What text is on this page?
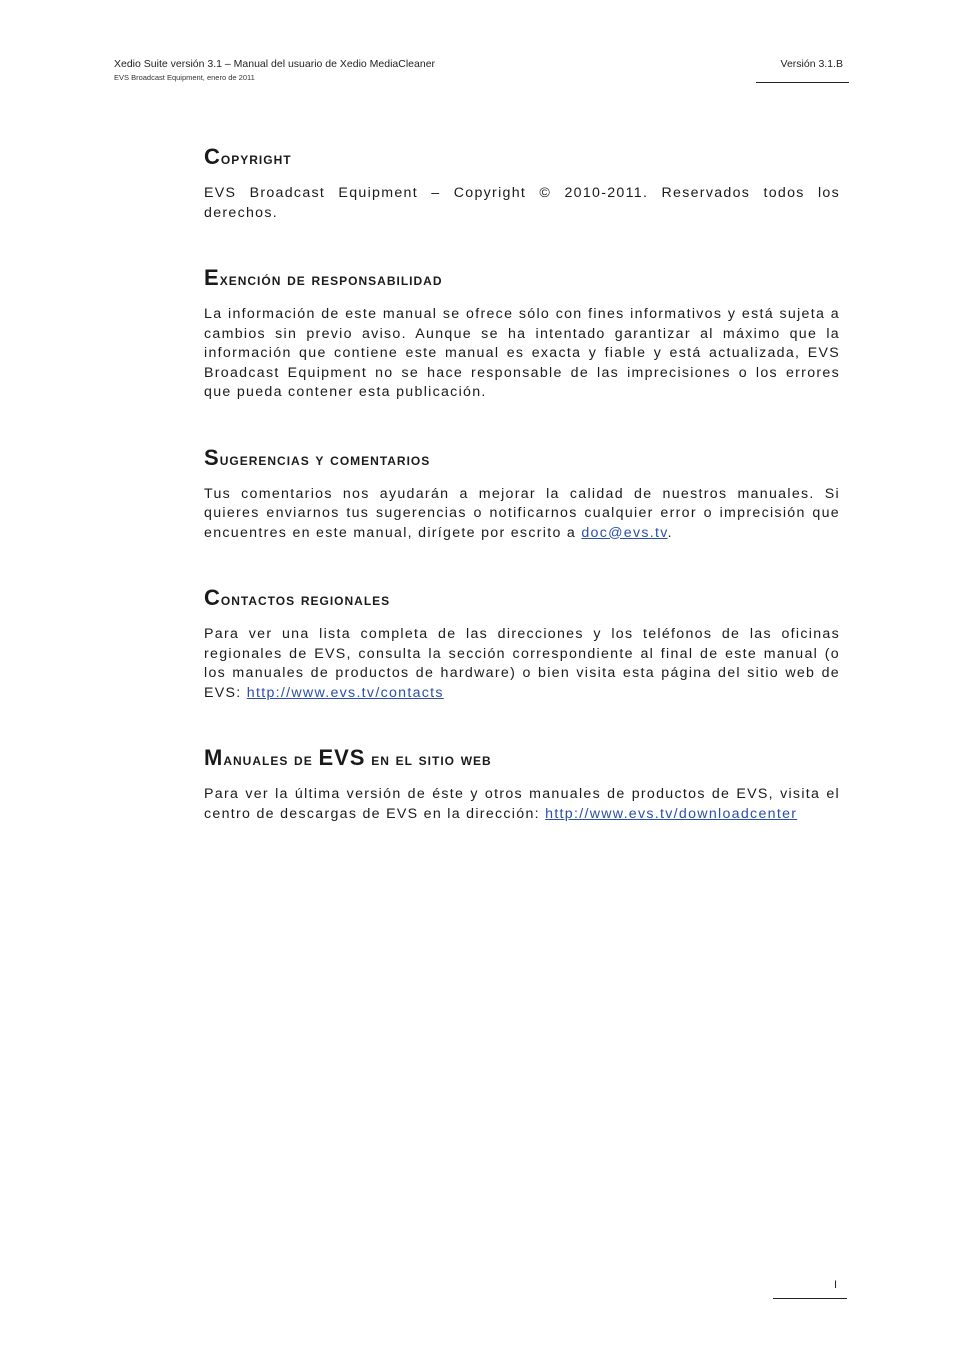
Xedio Suite versión 3.1 – Manual del usuario de Xedio MediaCleaner
EVS Broadcast Equipment, enero de 2011
Versión 3.1.B
Copyright

EVS Broadcast Equipment – Copyright © 2010-2011. Reservados todos los derechos.

Exención de responsabilidad

La información de este manual se ofrece sólo con fines informativos y está sujeta a cambios sin previo aviso. Aunque se ha intentado garantizar al máximo que la información que contiene este manual es exacta y fiable y está actualizada, EVS Broadcast Equipment no se hace responsable de las imprecisiones o los errores que pueda contener esta publicación.

Sugerencias y comentarios

Tus comentarios nos ayudarán a mejorar la calidad de nuestros manuales. Si quieres enviarnos tus sugerencias o notificarnos cualquier error o imprecisión que encuentres en este manual, dirígete por escrito a doc@evs.tv.

Contactos regionales

Para ver una lista completa de las direcciones y los teléfonos de las oficinas regionales de EVS, consulta la sección correspondiente al final de este manual (o los manuales de productos de hardware) o bien visita esta página del sitio web de EVS: http://www.evs.tv/contacts

Manuales de EVS en el sitio web

Para ver la última versión de éste y otros manuales de productos de EVS, visita el centro de descargas de EVS en la dirección: http://www.evs.tv/downloadcenter

I
